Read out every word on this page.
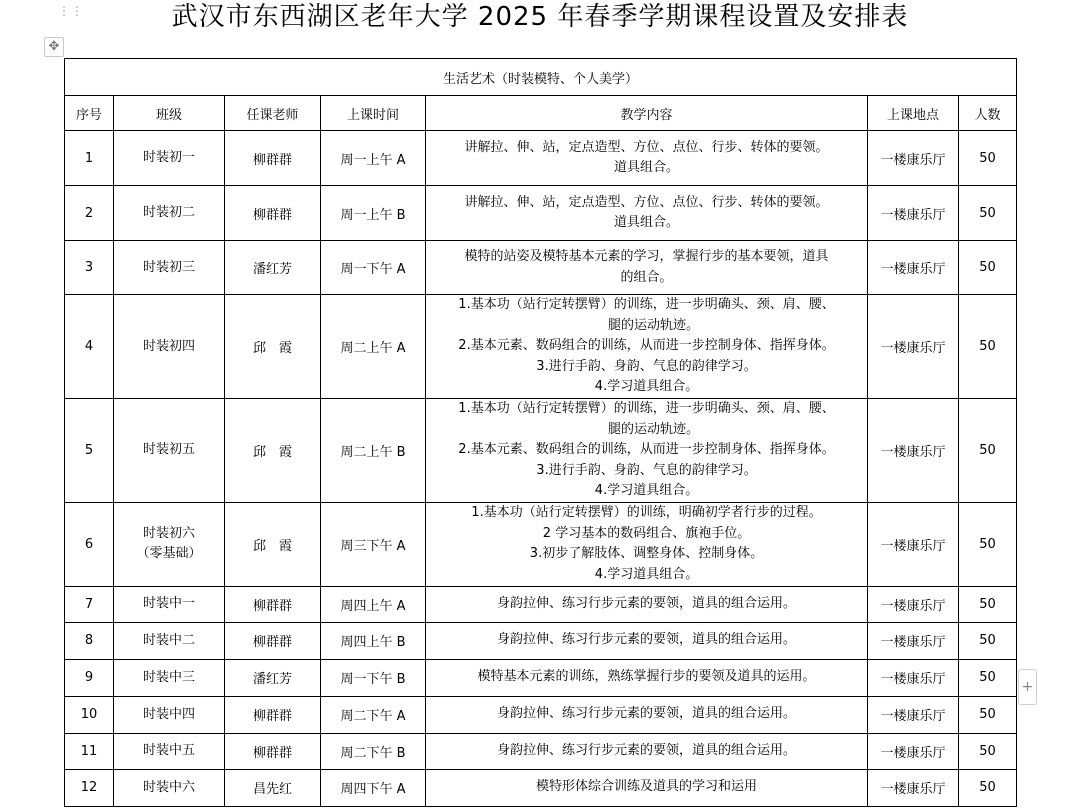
⋮⋮
✥
+
武汉市东西湖区老年大学 2025 年春季学期课程设置及安排表
生活艺术（时装模特、个人美学）						
序号	班级	任课老师	上课时间	教学内容	上课地点	人数
1	时装初一	柳群群	周一上午 A	讲解拉、伸、站，定点造型、方位、点位、行步、转体的要领。
道具组合。	一楼康乐厅	50
2	时装初二	柳群群	周一上午 B	讲解拉、伸、站，定点造型、方位、点位、行步、转体的要领。
道具组合。	一楼康乐厅	50
3	时装初三	潘红芳	周一下午 A	模特的站姿及模特基本元素的学习，掌握行步的基本要领，道具
的组合。	一楼康乐厅	50
4	时装初四	邱　霞	周二上午 A	1.基本功（站行定转摆臂）的训练，进一步明确头、颈、肩、腰、
腿的运动轨迹。
2.基本元素、数码组合的训练，从而进一步控制身体、指挥身体。
3.进行手韵、身韵、气息的韵律学习。
4.学习道具组合。	一楼康乐厅	50
5	时装初五	邱　霞	周二上午 B	1.基本功（站行定转摆臂）的训练，进一步明确头、颈、肩、腰、
腿的运动轨迹。
2.基本元素、数码组合的训练，从而进一步控制身体、指挥身体。
3.进行手韵、身韵、气息的韵律学习。
4.学习道具组合。	一楼康乐厅	50
6	时装初六
（零基础）	邱　霞	周三下午 A	1.基本功（站行定转摆臂）的训练，明确初学者行步的过程。
2 学习基本的数码组合、旗袍手位。
3.初步了解肢体、调整身体、控制身体。
4.学习道具组合。	一楼康乐厅	50
7	时装中一	柳群群	周四上午 A	身韵拉伸、练习行步元素的要领，道具的组合运用。	一楼康乐厅	50
8	时装中二	柳群群	周四上午 B	身韵拉伸、练习行步元素的要领，道具的组合运用。	一楼康乐厅	50
9	时装中三	潘红芳	周一下午 B	模特基本元素的训练，熟练掌握行步的要领及道具的运用。	一楼康乐厅	50
10	时装中四	柳群群	周二下午 A	身韵拉伸、练习行步元素的要领，道具的组合运用。	一楼康乐厅	50
11	时装中五	柳群群	周二下午 B	身韵拉伸、练习行步元素的要领，道具的组合运用。	一楼康乐厅	50
12	时装中六	昌先红	周四下午 A	模特形体综合训练及道具的学习和运用	一楼康乐厅	50
